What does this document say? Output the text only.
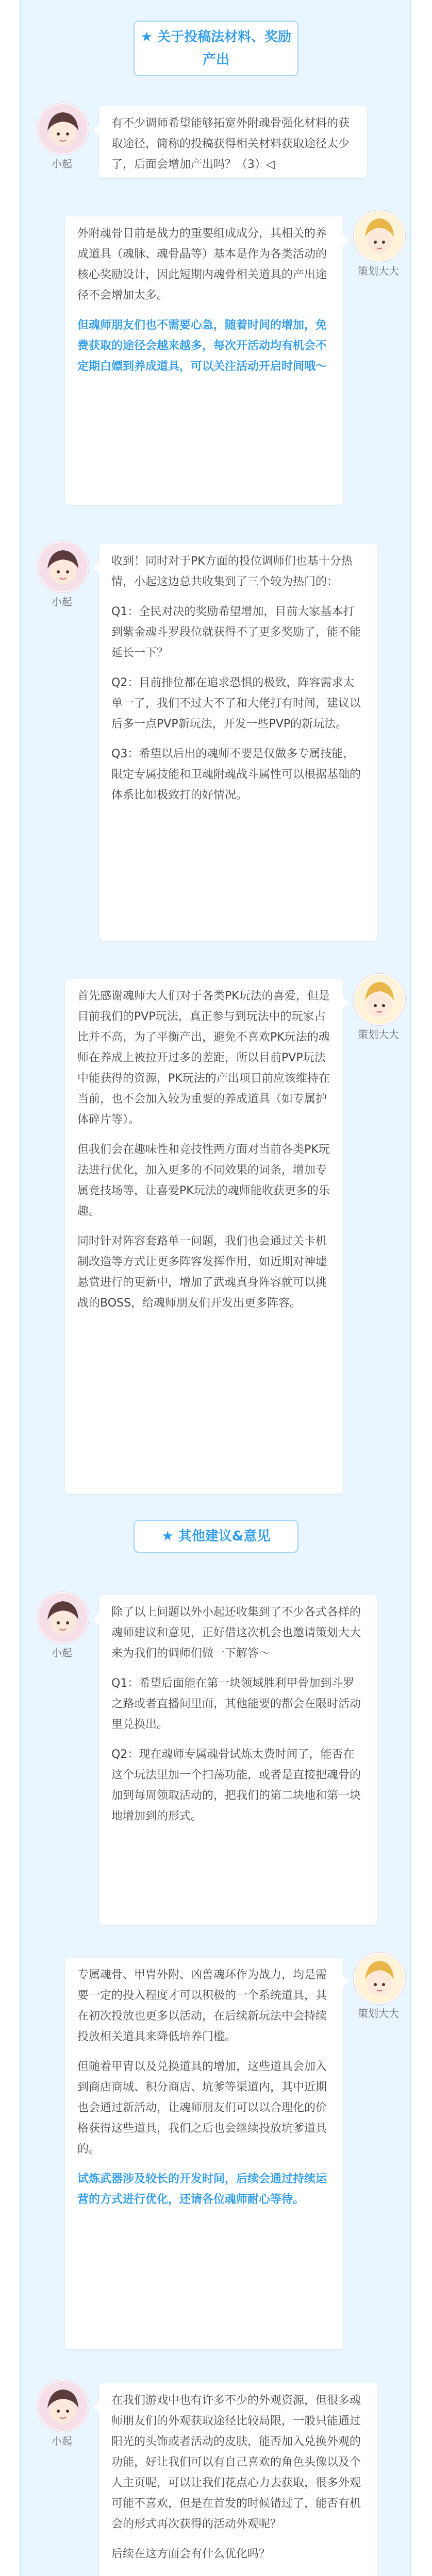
★ 关于投稿法材料、奖励产出
小起

有不少调师希望能够拓宽外附魂骨强化材料的获取途径，简称的投稿获得相关材料获取途径太少了，后面会增加产出吗？（3）◁

外附魂骨目前是战力的重要组成成分，其相关的养成道具（魂脉、魂骨晶等）基本是作为各类活动的核心奖励设计，因此短期内魂骨相关道具的产出途径不会增加太多。

但魂师朋友们也不需要心急，随着时间的增加，免费获取的途径会越来越多，每次开活动均有机会不定期白嫖到养成道具，可以关注活动开启时间哦～

策划大大
小起

收到！同时对于PK方面的投位调师们也基十分热情，小起这边总共收集到了三个较为热门的：

Q1：全民对决的奖励希望增加，目前大家基本打到紫金魂斗罗段位就获得不了更多奖励了，能不能延长一下？

Q2：目前排位都在追求恐惧的极致，阵容需求太单一了，我们不过大不了和大佬打有时间，建议以后多一点PVP新玩法，开发一些PVP的新玩法。

Q3：希望以后出的魂师不要是仅做多专属技能，限定专属技能和卫魂附魂战斗属性可以根据基础的体系比如极致打的好情况。

首先感谢魂师大人们对于各类PK玩法的喜爱，但是目前我们的PVP玩法，真正参与到玩法中的玩家占比并不高，为了平衡产出，避免不喜欢PK玩法的魂师在养成上被拉开过多的差距，所以目前PVP玩法中能获得的资源，PK玩法的产出项目前应该维持在当前，也不会加入较为重要的养成道具（如专属护体碎片等）。

但我们会在趣味性和竞技性两方面对当前各类PK玩法进行优化，加入更多的不同效果的词条，增加专属竞技场等，让喜爱PK玩法的魂师能收获更多的乐趣。

同时针对阵容套路单一问题，我们也会通过关卡机制改造等方式让更多阵容发挥作用，如近期对神墟悬赏进行的更新中，增加了武魂真身阵容就可以挑战的BOSS，给魂师朋友们开发出更多阵容。

策划大大
★ 其他建议&意见
小起

除了以上问题以外小起还收集到了不少各式各样的魂师建议和意见，正好借这次机会也邀请策划大大来为我们的调师们做一下解答～

Q1：希望后面能在第一块领域胜利甲骨加到斗罗之路或者直播间里面，其他能要的都会在限时活动里兑换出。

Q2：现在魂师专属魂骨试炼太费时间了，能否在这个玩法里加一个扫荡功能，或者是直接把魂骨的加到每周领取活动的，把我们的第二块地和第一块地增加到的形式。

专属魂骨、甲胄外附、凶兽魂环作为战力，均是需要一定的投入程度才可以积极的一个系统道具，其在初次投放也更多以活动，在后续新玩法中会持续投放相关道具来降低培养门槛。

但随着甲胄以及兑换道具的增加，这些道具会加入到商店商城、积分商店、坑爹等渠道内，其中近期也会通过新活动，让魂师朋友们可以以合理化的价格获得这些道具，我们之后也会继续投放坑爹道具的。

试炼武器涉及较长的开发时间，后续会通过持续运营的方式进行优化，还请各位魂师耐心等待。

策划大大
小起

在我们游戏中也有许多不少的外观资源，但很多魂师朋友们的外观获取途径比较局限，一般只能通过阳光的头饰或者活动的皮肤，能否加入兑换外观的功能，好让我们可以有自己喜欢的角色头像以及个人主页呢，可以让我们花点心力去获取，很多外观可能不喜欢，但是在首发的时候错过了，能否有机会的形式再次获得的活动外观呢？

后续在这方面会有什么优化吗？
